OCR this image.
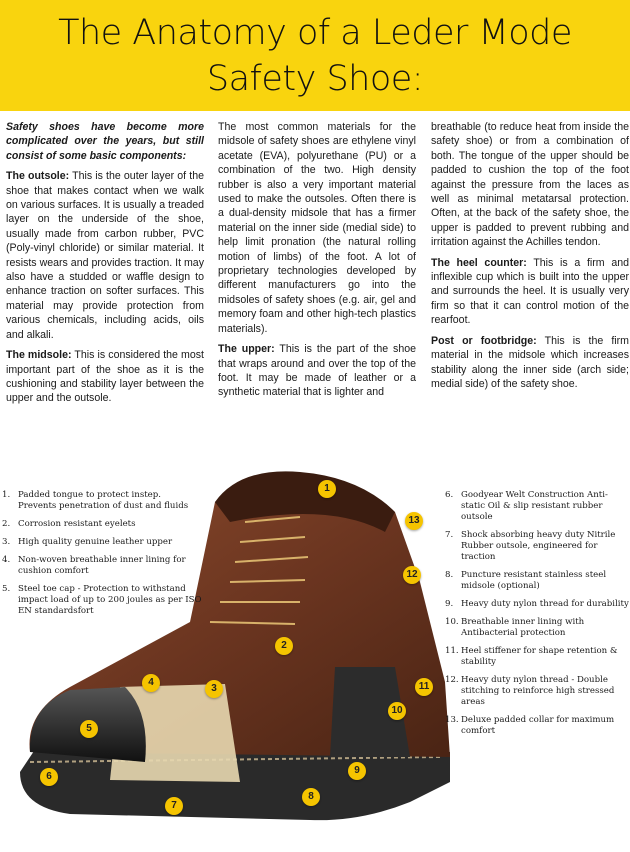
The Anatomy of a Leder Mode
Safety Shoe:

Safety shoes have become more complicated over the years, but still consist of some basic components:

The outsole: This is the outer layer of the shoe that makes contact when we walk on various surfaces. It is usually a treaded layer on the underside of the shoe, usually made from carbon rubber, PVC (Poly-vinyl chloride) or similar material. It resists wears and provides traction. It may also have a studded or waffle design to enhance traction on softer surfaces. This material may provide protection from various chemicals, including acids, oils and alkali.

The midsole: This is considered the most important part of the shoe as it is the cushioning and stability layer between the upper and the outsole.

The most common materials for the midsole of safety shoes are ethylene vinyl acetate (EVA), polyurethane (PU) or a combination of the two. High density rubber is also a very important material used to make the outsoles. Often there is a dual-density midsole that has a firmer material on the inner side (medial side) to help limit pronation (the natural rolling motion of limbs) of the foot. A lot of proprietary technologies developed by different manufacturers go into the midsoles of safety shoes (e.g. air, gel and memory foam and other high-tech plastics materials).

The upper: This is the part of the shoe that wraps around and over the top of the foot. It may be made of leather or a synthetic material that is lighter and

breathable (to reduce heat from inside the safety shoe) or from a combination of both. The tongue of the upper should be padded to cushion the top of the foot against the pressure from the laces as well as minimal metatarsal protection. Often, at the back of the safety shoe, the upper is padded to prevent rubbing and irritation against the Achilles tendon.

The heel counter: This is a firm and inflexible cup which is built into the upper and surrounds the heel. It is usually very firm so that it can control motion of the rearfoot.

Post or footbridge: This is the firm material in the midsole which increases stability along the inner side (arch side; medial side) of the safety shoe.

1. Padded tongue to protect instep. Prevents penetration of dust and fluids
2. Corrosion resistant eyelets
3. High quality genuine leather upper
4. Non-woven breathable inner lining for cushion comfort
5. Steel toe cap - Protection to withstand impact load of up to 200 joules as per ISO EN standardsfort
6. Goodyear Welt Construction Anti-static Oil & slip resistant rubber outsole
7. Shock absorbing heavy duty Nitrile Rubber outsole, engineered for traction
8. Puncture resistant stainless steel midsole (optional)
9. Heavy duty nylon thread for durability
10. Breathable inner lining with Antibacterial protection
11. Heel stiffener for shape retention & stability
12. Heavy duty nylon thread - Double stitching to reinforce high stressed areas
13. Deluxe padded collar for maximum comfort
1
2
3
4
5
6
7
8
9
10
11
12
13
